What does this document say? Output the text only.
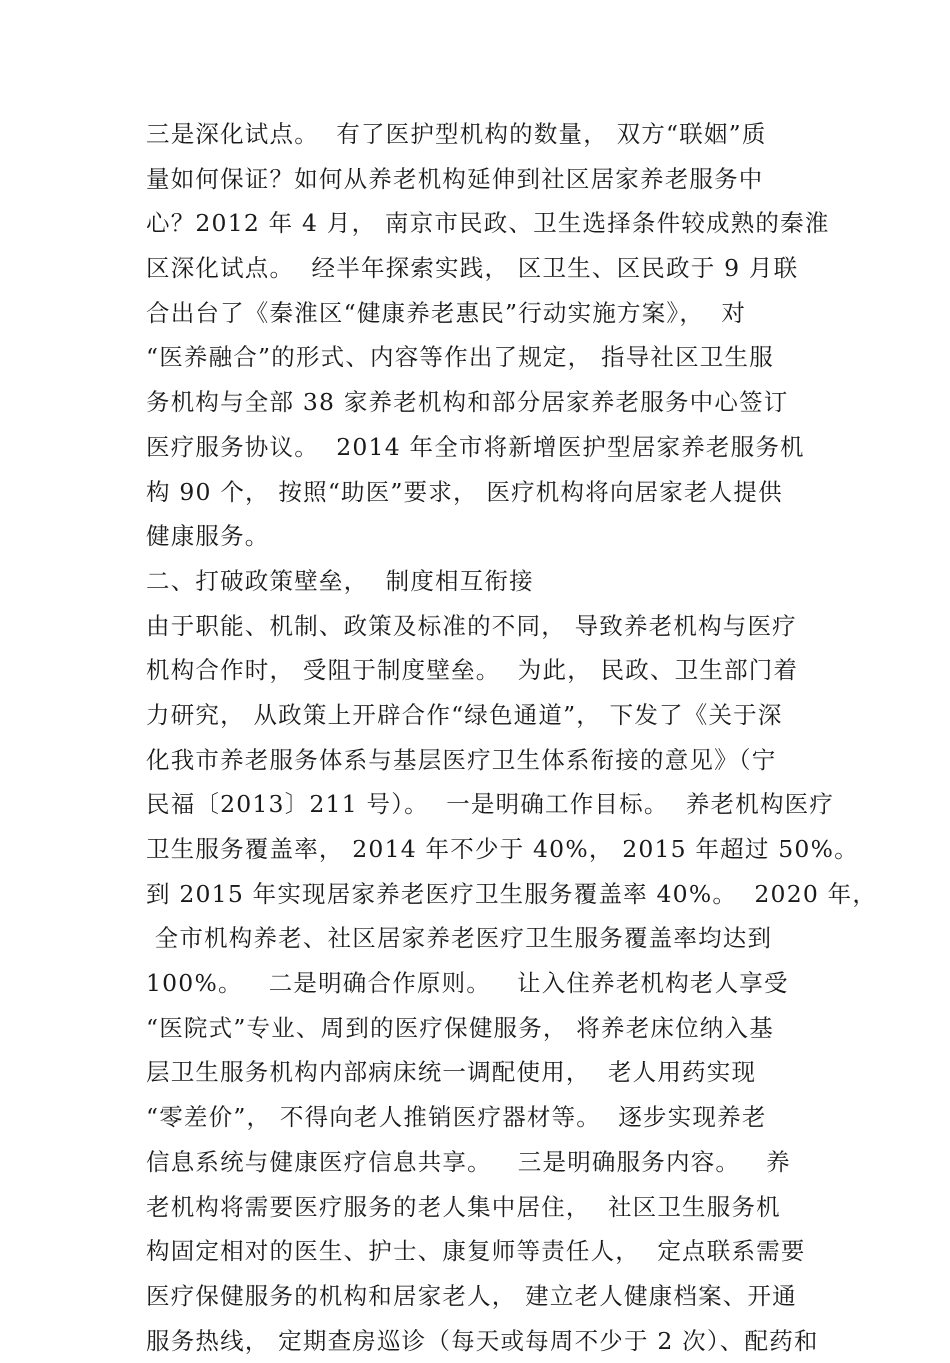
三是深化试点。  有了医护型机构的数量， 双方“联姻”质
量如何保证？如何从养老机构延伸到社区居家养老服务中
心？2012 年 4 月， 南京市民政、卫生选择条件较成熟的秦淮
区深化试点。  经半年探索实践， 区卫生、区民政于 9 月联
合出台了《秦淮区“健康养老惠民”行动实施方案》，  对
“医养融合”的形式、内容等作出了规定， 指导社区卫生服
务机构与全部 38 家养老机构和部分居家养老服务中心签订
医疗服务协议。  2014 年全市将新增医护型居家养老服务机
构 90 个， 按照“助医”要求， 医疗机构将向居家老人提供
健康服务。
二、打破政策壁垒，  制度相互衔接
由于职能、机制、政策及标准的不同， 导致养老机构与医疗
机构合作时， 受阻于制度壁垒。  为此， 民政、卫生部门着
力研究， 从政策上开辟合作“绿色通道”， 下发了《关于深
化我市养老服务体系与基层医疗卫生体系衔接的意见》（宁
民福〔2013〕211 号）。  一是明确工作目标。  养老机构医疗
卫生服务覆盖率， 2014 年不少于 40%， 2015 年超过 50%。
到 2015 年实现居家养老医疗卫生服务覆盖率 40%。  2020 年，
全市机构养老、社区居家养老医疗卫生服务覆盖率均达到
100%。   二是明确合作原则。   让入住养老机构老人享受
“医院式”专业、周到的医疗保健服务， 将养老床位纳入基
层卫生服务机构内部病床统一调配使用，  老人用药实现
“零差价”， 不得向老人推销医疗器材等。  逐步实现养老
信息系统与健康医疗信息共享。   三是明确服务内容。   养
老机构将需要医疗服务的老人集中居住，  社区卫生服务机
构固定相对的医生、护士、康复师等责任人，  定点联系需要
医疗保健服务的机构和居家老人， 建立老人健康档案、开通
服务热线， 定期查房巡诊（每天或每周不少于 2 次）、配药和
